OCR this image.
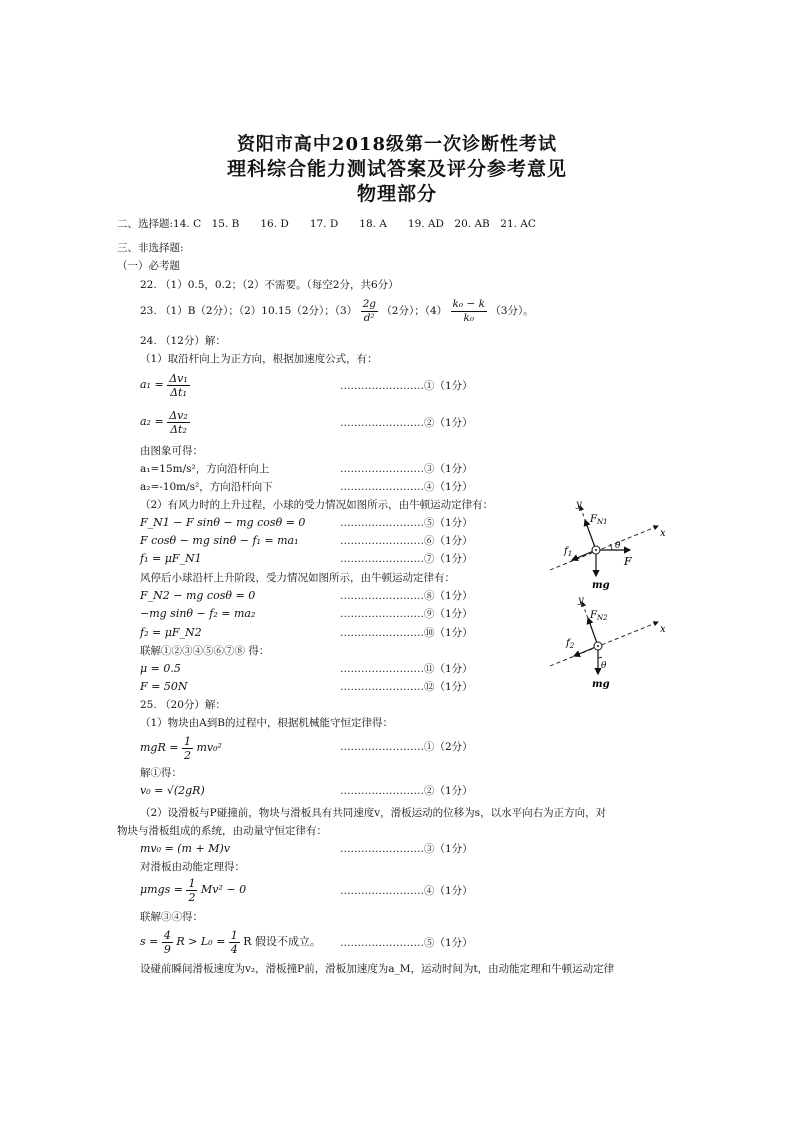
资阳市高中2018级第一次诊断性考试
理科综合能力测试答案及评分参考意见
物理部分
二、选择题:14. C　15. B　　16. D　　17. D　　18. A　　19. AD　20. AB　21. AC
三、非选择题:
（一）必考题
22. （1）0.5，0.2；（2）不需要。（每空2分，共6分）
23. （1）B（2分）；（2）10.15（2分）；$(3) \frac{2g}{\text{d²}} (2$分）；$(4) \frac{\text{k₀ − k}}{\text{k₀}} (3$分）。
24. （12分）解：
（1）取沿杆向上为正方向，根据加速度公式，有：
$a_1 = \frac{\text{Δv₁}}{\text{Δt₁}}$	……………………①（1分）
$a_2 = \frac{\text{Δv₂}}{\text{Δt₂}}$	……………………②（1分）
由图象可得：
a₁=15m/s²，方向沿杆向上	……………………③（1分）
a₂=-10m/s²，方向沿杆向下	……………………④（1分）
（2）有风力时的上升过程，小球的受力情况如图所示，由牛顿运动定律有：
F_N1 − F sinθ − mg cosθ = 0	……………………⑤（1分）
F cosθ − mg sinθ − f₁ = ma₁	……………………⑥（1分）
f₁ = μF_N1	……………………⑦（1分）
风停后小球沿杆上升阶段，受力情况如图所示，由牛顿运动定律有：
F_N2 − mg cosθ = 0	……………………⑧（1分）
−mg sinθ − f₂ = ma₂	……………………⑨（1分）
f₂ = μF_N2	……………………⑩（1分）
联解①②③④⑤⑥⑦⑧ 得：
μ = 0.5	……………………⑪（1分）
F = 50N	……………………⑫（1分）
y
x
$F_{N1}$
$f_1$
θ
F
mg
y
x
$F_{N2}$
$f_2$
θ
mg
25. （20分）解：
（1）物块由A到B的过程中，根据机械能守恒定律得：
mgR = $\frac{1}{2} mv_0^2$	……………………①（2分）
解①得：
v₀ = √(2gR)	……………………②（1分）
（2）设滑板与P碰撞前，物块与滑板具有共同速度v，滑板运动的位移为s，以水平向右为正方向，对
物块与滑板组成的系统，由动量守恒定律有：
mv₀ = (m + M)v	……………………③（1分）
对滑板由动能定理得：
$\mu mgs = \frac{1}{2} Mv^2 - 0$	……………………④（1分）
联解③④得：
$s = \frac{4}{9}$ $R > L_0 = \frac{1}{4}$ R 假设不成立。 ……………………⑤（1分）
设碰前瞬间滑板速度为v₂，滑板撞P前，滑板加速度为a_M，运动时间为t，由动能定理和牛顿运动定律
